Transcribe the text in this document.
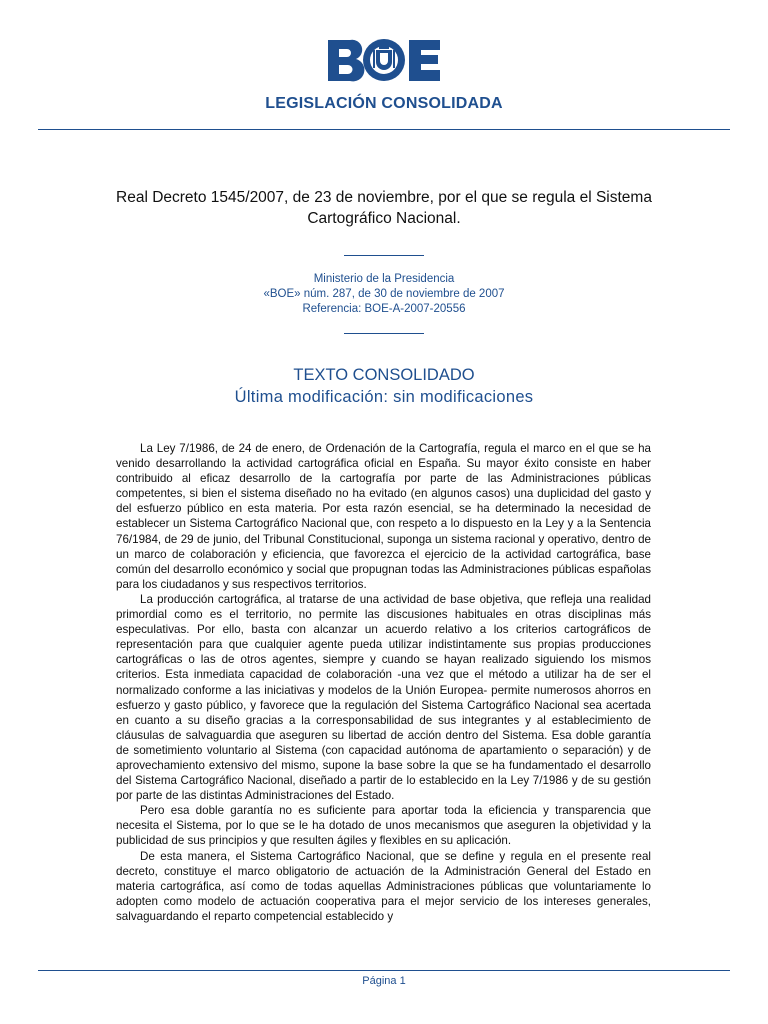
LEGISLACIÓN CONSOLIDADA
Real Decreto 1545/2007, de 23 de noviembre, por el que se regula el Sistema Cartográfico Nacional.
Ministerio de la Presidencia
«BOE» núm. 287, de 30 de noviembre de 2007
Referencia: BOE-A-2007-20556
TEXTO CONSOLIDADO
Última modificación: sin modificaciones

La Ley 7/1986, de 24 de enero, de Ordenación de la Cartografía, regula el marco en el que se ha venido desarrollando la actividad cartográfica oficial en España. Su mayor éxito consiste en haber contribuido al eficaz desarrollo de la cartografía por parte de las Administraciones públicas competentes, si bien el sistema diseñado no ha evitado (en algunos casos) una duplicidad del gasto y del esfuerzo público en esta materia. Por esta razón esencial, se ha determinado la necesidad de establecer un Sistema Cartográfico Nacional que, con respeto a lo dispuesto en la Ley y a la Sentencia 76/1984, de 29 de junio, del Tribunal Constitucional, suponga un sistema racional y operativo, dentro de un marco de colaboración y eficiencia, que favorezca el ejercicio de la actividad cartográfica, base común del desarrollo económico y social que propugnan todas las Administraciones públicas españolas para los ciudadanos y sus respectivos territorios.

La producción cartográfica, al tratarse de una actividad de base objetiva, que refleja una realidad primordial como es el territorio, no permite las discusiones habituales en otras disciplinas más especulativas. Por ello, basta con alcanzar un acuerdo relativo a los criterios cartográficos de representación para que cualquier agente pueda utilizar indistintamente sus propias producciones cartográficas o las de otros agentes, siempre y cuando se hayan realizado siguiendo los mismos criterios. Esta inmediata capacidad de colaboración -una vez que el método a utilizar ha de ser el normalizado conforme a las iniciativas y modelos de la Unión Europea- permite numerosos ahorros en esfuerzo y gasto público, y favorece que la regulación del Sistema Cartográfico Nacional sea acertada en cuanto a su diseño gracias a la corresponsabilidad de sus integrantes y al establecimiento de cláusulas de salvaguardia que aseguren su libertad de acción dentro del Sistema. Esa doble garantía de sometimiento voluntario al Sistema (con capacidad autónoma de apartamiento o separación) y de aprovechamiento extensivo del mismo, supone la base sobre la que se ha fundamentado el desarrollo del Sistema Cartográfico Nacional, diseñado a partir de lo establecido en la Ley 7/1986 y de su gestión por parte de las distintas Administraciones del Estado.

Pero esa doble garantía no es suficiente para aportar toda la eficiencia y transparencia que necesita el Sistema, por lo que se le ha dotado de unos mecanismos que aseguren la objetividad y la publicidad de sus principios y que resulten ágiles y flexibles en su aplicación.

De esta manera, el Sistema Cartográfico Nacional, que se define y regula en el presente real decreto, constituye el marco obligatorio de actuación de la Administración General del Estado en materia cartográfica, así como de todas aquellas Administraciones públicas que voluntariamente lo adopten como modelo de actuación cooperativa para el mejor servicio de los intereses generales, salvaguardando el reparto competencial establecido y

Página 1
